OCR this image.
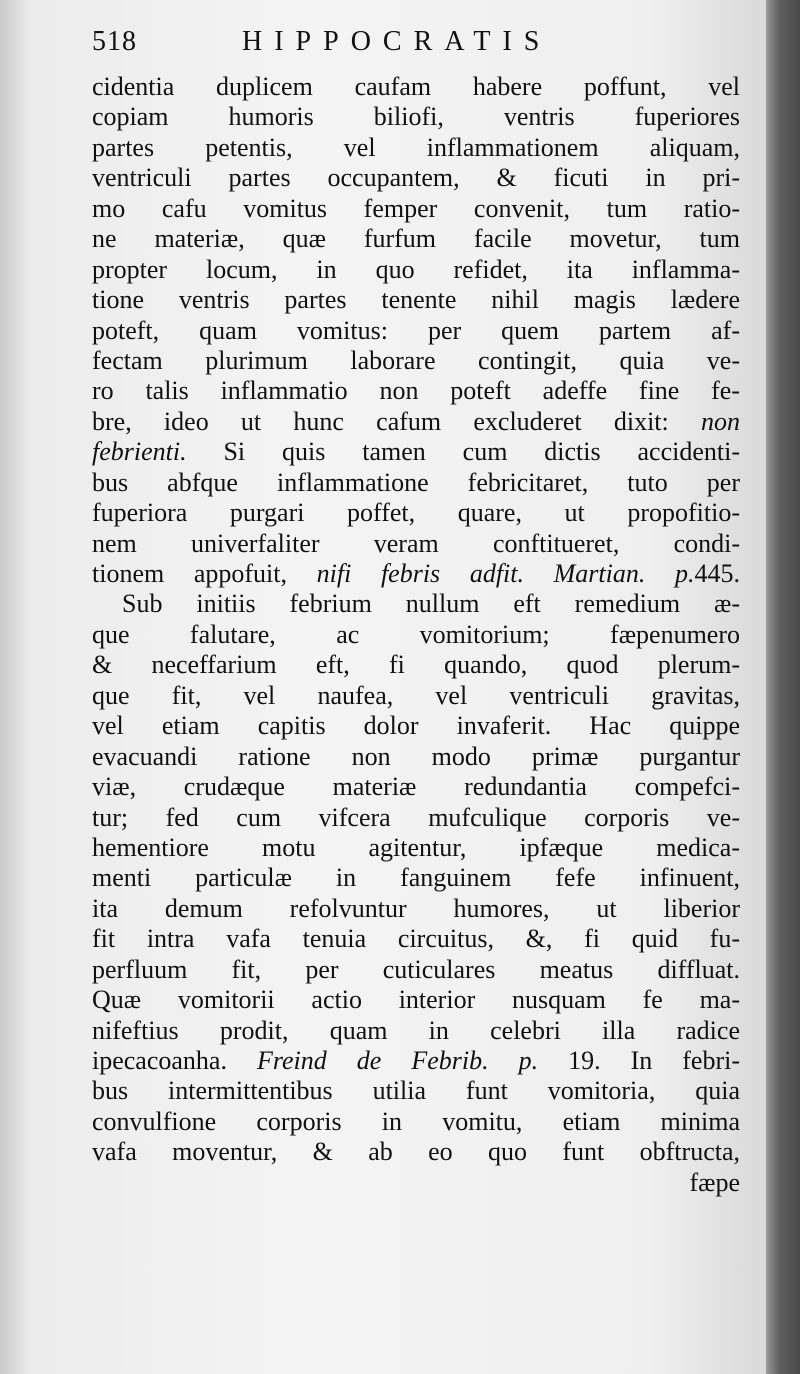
518	HIPPOCRATIS
cidentia duplicem caufam habere poffunt, vel
copiam humoris biliofi, ventris fuperiores
partes petentis, vel inflammationem aliquam,
ventriculi partes occupantem, & ficuti in pri-
mo cafu vomitus femper convenit, tum ratio-
ne materiæ, quæ furfum facile movetur, tum
propter locum, in quo refidet, ita inflamma-
tione ventris partes tenente nihil magis lædere
poteft, quam vomitus: per quem partem af-
fectam plurimum laborare contingit, quia ve-
ro talis inflammatio non poteft adeffe fine fe-
bre, ideo ut hunc cafum excluderet dixit: non
febrienti. Si quis tamen cum dictis accidenti-
bus abfque inflammatione febricitaret, tuto per
fuperiora purgari poffet, quare, ut propofitio-
nem univerfaliter veram conftitueret, condi-
tionem appofuit, nifi febris adfit. Martian. p.445.
Sub initiis febrium nullum eft remedium æ-
que falutare, ac vomitorium; fæpenumero
& neceffarium eft, fi quando, quod plerum-
que fit, vel naufea, vel ventriculi gravitas,
vel etiam capitis dolor invaferit. Hac quippe
evacuandi ratione non modo primæ purgantur
viæ, crudæque materiæ redundantia compefci-
tur; fed cum vifcera mufculique corporis ve-
hementiore motu agitentur, ipfæque medica-
menti particulæ in fanguinem fefe infinuent,
ita demum refolvuntur humores, ut liberior
fit intra vafa tenuia circuitus, &, fi quid fu-
perfluum fit, per cuticulares meatus diffluat.
Quæ vomitorii actio interior nusquam fe ma-
nifeftius prodit, quam in celebri illa radice
ipecacoanha. Freind de Febrib. p. 19. In febri-
bus intermittentibus utilia funt vomitoria, quia
convulfione corporis in vomitu, etiam minima
vafa moventur, & ab eo quo funt obftructa,
fæpe
